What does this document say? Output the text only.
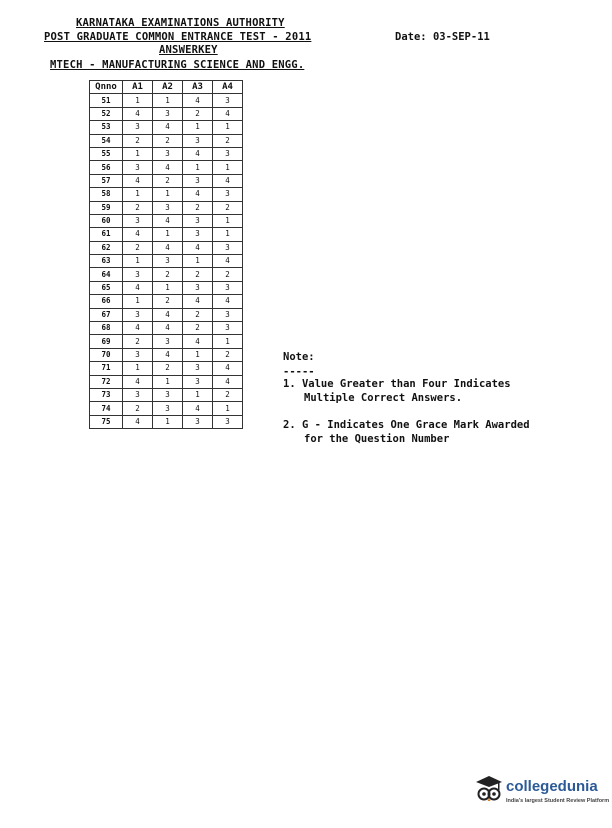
KARNATAKA EXAMINATIONS AUTHORITY
POST GRADUATE COMMON ENTRANCE TEST - 2011
ANSWERKEY
MTECH - MANUFACTURING SCIENCE AND ENGG.
Date: 03-SEP-11
Qnno	A1	A2	A3	A4
51	1	1	4	3
52	4	3	2	4
53	3	4	1	1
54	2	2	3	2
55	1	3	4	3
56	3	4	1	1
57	4	2	3	4
58	1	1	4	3
59	2	3	2	2
60	3	4	3	1
61	4	1	3	1
62	2	4	4	3
63	1	3	1	4
64	3	2	2	2
65	4	1	3	3
66	1	2	4	4
67	3	4	2	3
68	4	4	2	3
69	2	3	4	1
70	3	4	1	2
71	1	2	3	4
72	4	1	3	4
73	3	3	1	2
74	2	3	4	1
75	4	1	3	3
Note:
-----
1. Value Greater than Four Indicates
Multiple Correct Answers.
2. G - Indicates One Grace Mark Awarded
for the Question Number
collegedunia
India's largest Student Review Platform
